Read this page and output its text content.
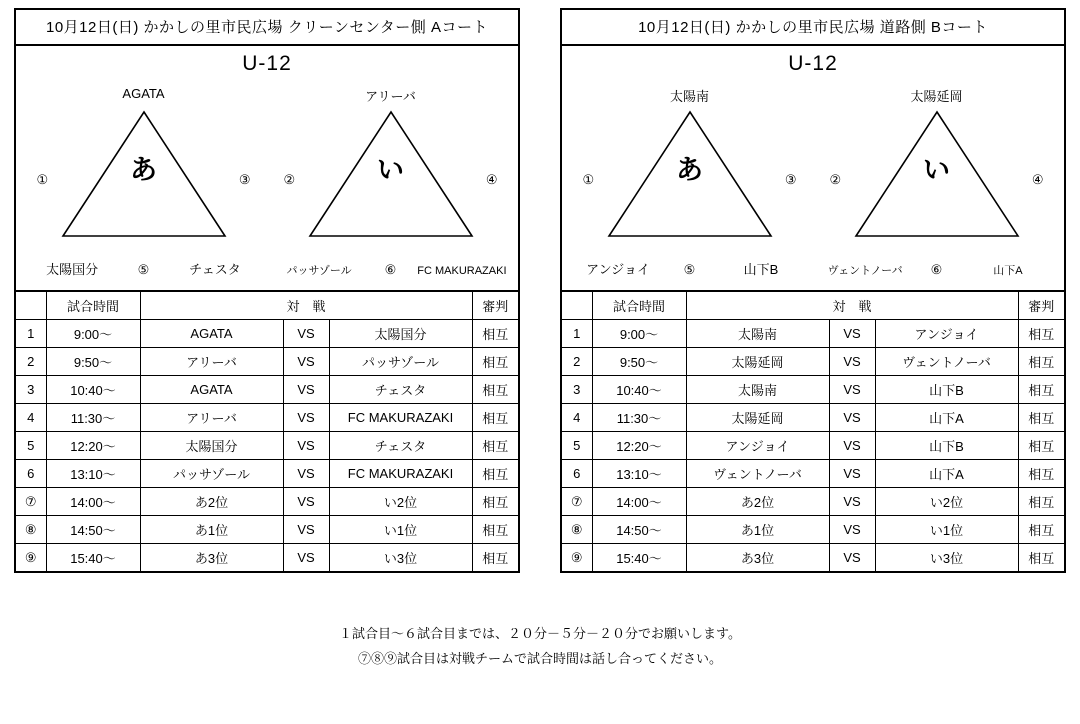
10月12日(日) かかしの里市民広場 クリーンセンター側 Aコート
U-12
AGATA
あ
①	③
太陽国分	⑤	チェスタ
アリーバ
い
②	④
パッサゾール	⑥	FC MAKURAZAKI
	試合時間	対　戦			審判
1	9:00～	AGATA	VS	太陽国分	相互
2	9:50～	アリーバ	VS	パッサゾール	相互
3	10:40～	AGATA	VS	チェスタ	相互
4	11:30～	アリーバ	VS	FC MAKURAZAKI	相互
5	12:20～	太陽国分	VS	チェスタ	相互
6	13:10～	パッサゾール	VS	FC MAKURAZAKI	相互
⑦	14:00～	あ2位	VS	い2位	相互
⑧	14:50～	あ1位	VS	い1位	相互
⑨	15:40～	あ3位	VS	い3位	相互
10月12日(日) かかしの里市民広場 道路側 Bコート
U-12
太陽南
あ
①	③
アンジョイ	⑤	山下B
太陽延岡
い
②	④
ヴェントノーバ	⑥	山下A
	試合時間	対　戦			審判
1	9:00～	太陽南	VS	アンジョイ	相互
2	9:50～	太陽延岡	VS	ヴェントノーバ	相互
3	10:40～	太陽南	VS	山下B	相互
4	11:30～	太陽延岡	VS	山下A	相互
5	12:20～	アンジョイ	VS	山下B	相互
6	13:10～	ヴェントノーバ	VS	山下A	相互
⑦	14:00～	あ2位	VS	い2位	相互
⑧	14:50～	あ1位	VS	い1位	相互
⑨	15:40～	あ3位	VS	い3位	相互
１試合目～６試合目までは、２０分－５分－２０分でお願いします。
⑦⑧⑨試合目は対戦チームで試合時間は話し合ってください。
